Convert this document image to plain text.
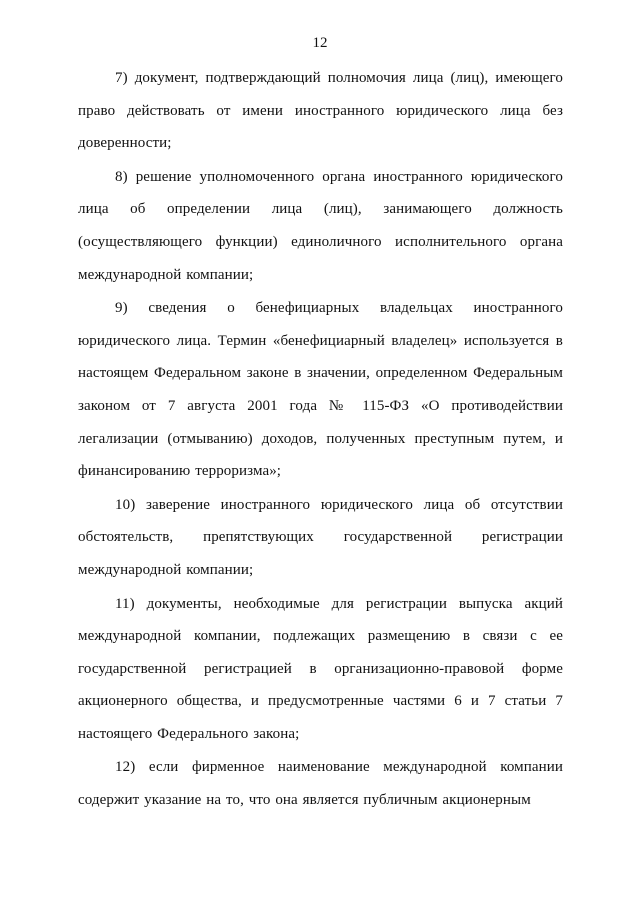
12

7) документ, подтверждающий полномочия лица (лиц), имеющего право действовать от имени иностранного юридического лица без доверенности;

8) решение уполномоченного органа иностранного юридического лица об определении лица (лиц), занимающего должность (осуществляющего функции) единоличного исполнительного органа международной компании;

9) сведения о бенефициарных владельцах иностранного юридического лица. Термин «бенефициарный владелец» используется в настоящем Федеральном законе в значении, определенном Федеральным законом от 7 августа 2001 года № 115-ФЗ «О противодействии легализации (отмыванию) доходов, полученных преступным путем, и финансированию терроризма»;

10) заверение иностранного юридического лица об отсутствии обстоятельств, препятствующих государственной регистрации международной компании;

11) документы, необходимые для регистрации выпуска акций международной компании, подлежащих размещению в связи с ее государственной регистрацией в организационно-правовой форме акционерного общества, и предусмотренные частями 6 и 7 статьи 7 настоящего Федерального закона;

12) если фирменное наименование международной компании содержит указание на то, что она является публичным акционерным
